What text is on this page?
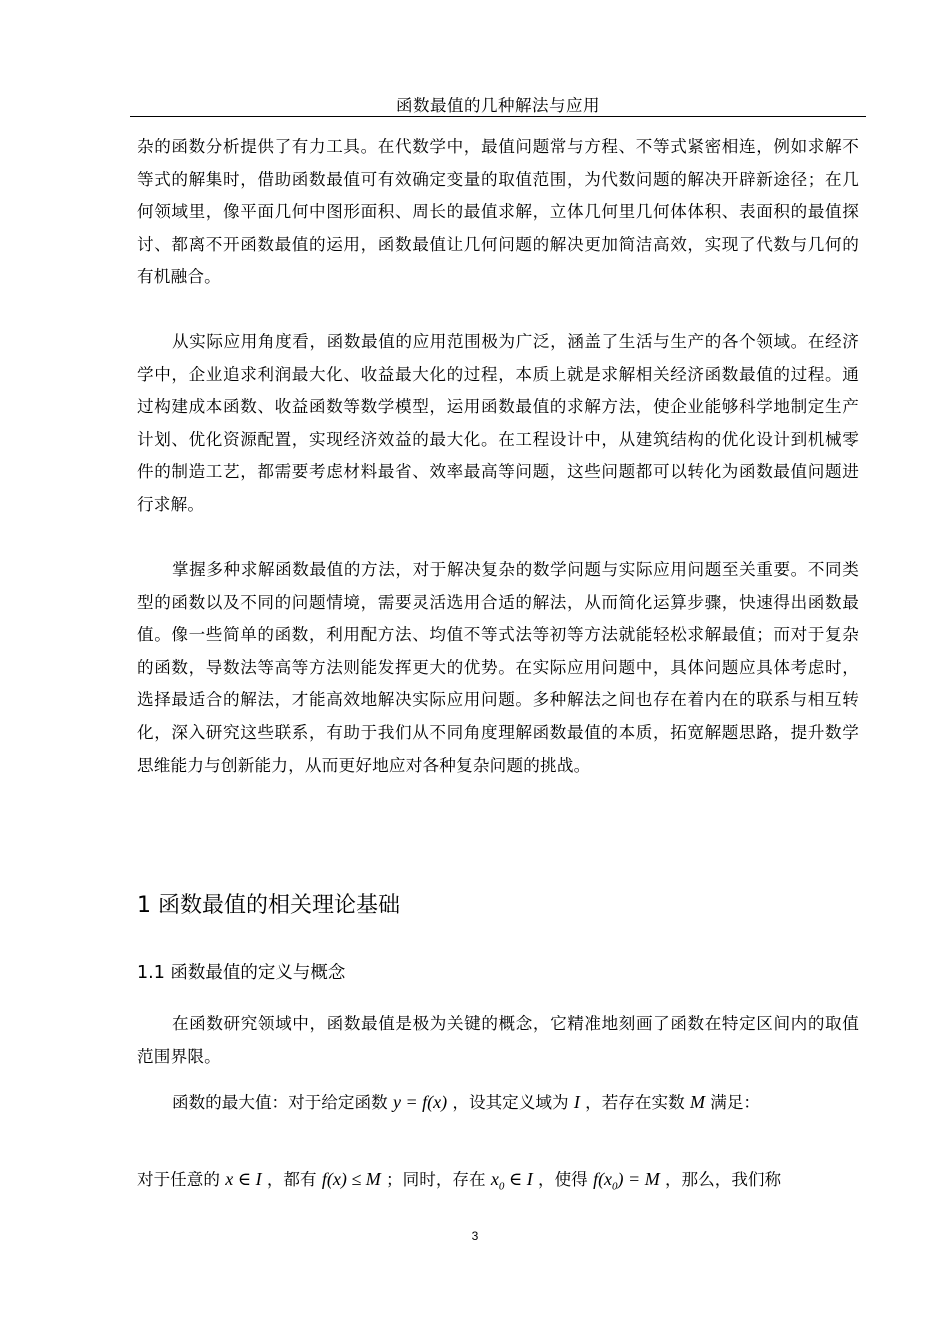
函数最值的几种解法与应用

杂的函数分析提供了有力工具。在代数学中，最值问题常与方程、不等式紧密相连，例如求解不等式的解集时，借助函数最值可有效确定变量的取值范围，为代数问题的解决开辟新途径；在几何领域里，像平面几何中图形面积、周长的最值求解，立体几何里几何体体积、表面积的最值探讨、都离不开函数最值的运用，函数最值让几何问题的解决更加简洁高效，实现了代数与几何的有机融合。

从实际应用角度看，函数最值的应用范围极为广泛，涵盖了生活与生产的各个领域。在经济学中，企业追求利润最大化、收益最大化的过程，本质上就是求解相关经济函数最值的过程。通过构建成本函数、收益函数等数学模型，运用函数最值的求解方法，使企业能够科学地制定生产计划、优化资源配置，实现经济效益的最大化。在工程设计中，从建筑结构的优化设计到机械零件的制造工艺，都需要考虑材料最省、效率最高等问题，这些问题都可以转化为函数最值问题进行求解。

掌握多种求解函数最值的方法，对于解决复杂的数学问题与实际应用问题至关重要。不同类型的函数以及不同的问题情境，需要灵活选用合适的解法，从而简化运算步骤，快速得出函数最值。像一些简单的函数，利用配方法、均值不等式法等初等方法就能轻松求解最值；而对于复杂的函数，导数法等高等方法则能发挥更大的优势。在实际应用问题中，具体问题应具体考虑时，选择最适合的解法，才能高效地解决实际应用问题。多种解法之间也存在着内在的联系与相互转化，深入研究这些联系，有助于我们从不同角度理解函数最值的本质，拓宽解题思路，提升数学思维能力与创新能力，从而更好地应对各种复杂问题的挑战。

1 函数最值的相关理论基础
1.1 函数最值的定义与概念

在函数研究领域中，函数最值是极为关键的概念，它精准地刻画了函数在特定区间内的取值范围界限。

函数的最大值：对于给定函数 y = f(x) ，设其定义域为 I ，若存在实数 M 满足：
对于任意的 x ∈ I ，都有 f(x) ≤ M ；同时，存在 $x_0$ ∈ I ，使得 $f(x_0) = M$ ，那么，我们称
3
